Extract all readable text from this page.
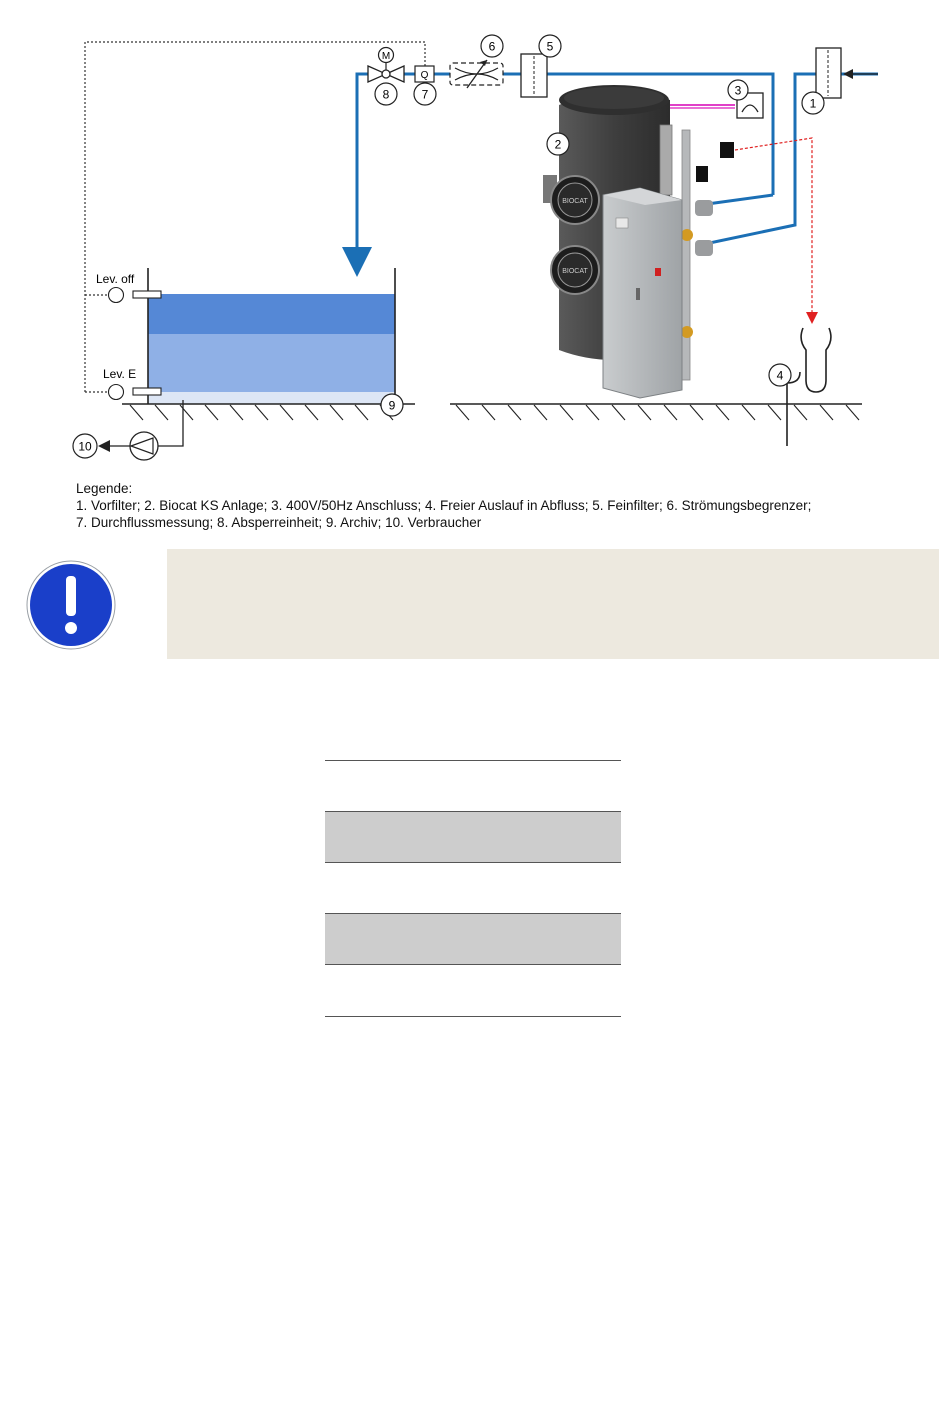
M
Q
BIOCAT
BIOCAT
Lev. off
Lev. E
1
2
3
4
5
6
7
8
9
10
Legende:
1. Vorfilter; 2. Biocat KS Anlage; 3. 400V/50Hz Anschluss; 4. Freier Auslauf in Abfluss; 5. Feinfilter; 6. Strömungsbegrenzer;
7. Durchflussmessung; 8. Absperreinheit; 9. Archiv; 10. Verbraucher
